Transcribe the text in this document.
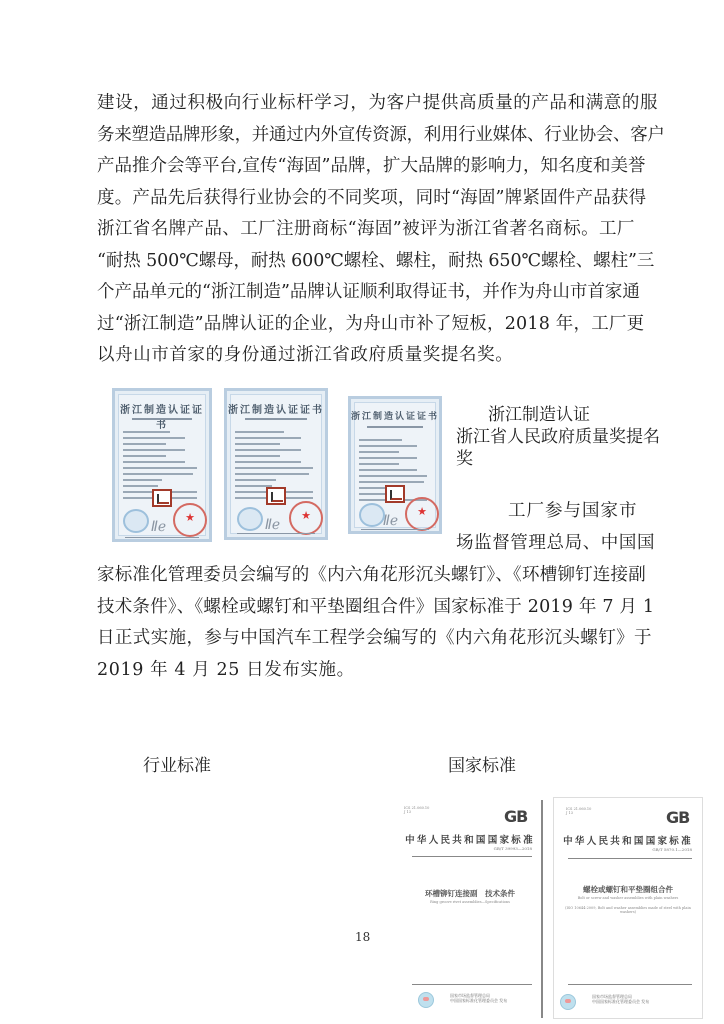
建设，通过积极向行业标杆学习，为客户提供高质量的产品和满意的服
务来塑造品牌形象，并通过内外宣传资源，利用行业媒体、行业协会、客户
产品推介会等平台,宣传“海固”品牌，扩大品牌的影响力，知名度和美誉
度。产品先后获得行业协会的不同奖项，同时“海固”牌紧固件产品获得
浙江省名牌产品、工厂注册商标“海固”被评为浙江省著名商标。工厂
“耐热 500℃螺母，耐热 600℃螺栓、螺柱，耐热 650℃螺栓、螺柱”三
个产品单元的“浙江制造”品牌认证顺利取得证书，并作为舟山市首家通
过“浙江制造”品牌认证的企业，为舟山市补了短板，2018 年，工厂更
以舟山市首家的身份通过浙江省政府质量奖提名奖。
浙江制造认证证书
★
Ⅱℯ
浙江制造认证证书
★
Ⅱℯ
浙江制造认证证书
★
Ⅱℯ
浙江制造认证
浙江省人民政府质量奖提名
奖
工厂参与国家市
场监督管理总局、中国国
家标准化管理委员会编写的《内六角花形沉头螺钉》、《环槽铆钉连接副
技术条件》、《螺栓或螺钉和平垫圈组合件》国家标准于 2019 年 7 月 1
日正式实施，参与中国汽车工程学会编写的《内六角花形沉头螺钉》于
2019 年 4 月 25 日发布实施。
行业标准	国家标准
ICS 21.060.10
J 13	GB
中华人民共和国国家标准
GB/T 39993—2018
环槽铆钉连接副　技术条件
Ring groove rivet assemblies—Specifications
国家市场监督管理总局
中国国家标准化管理委员会 发布
ICS 21.060.10
J 13	GB
中华人民共和国国家标准
GB/T 5870.1—2018
螺栓或螺钉和平垫圈组合件
Bolt or screw and washer assemblies with plain washers
(ISO 10644:2009, Bolt and washer assemblies made of steel with plain washers)
国家市场监督管理总局
中国国家标准化管理委员会 发布
18
